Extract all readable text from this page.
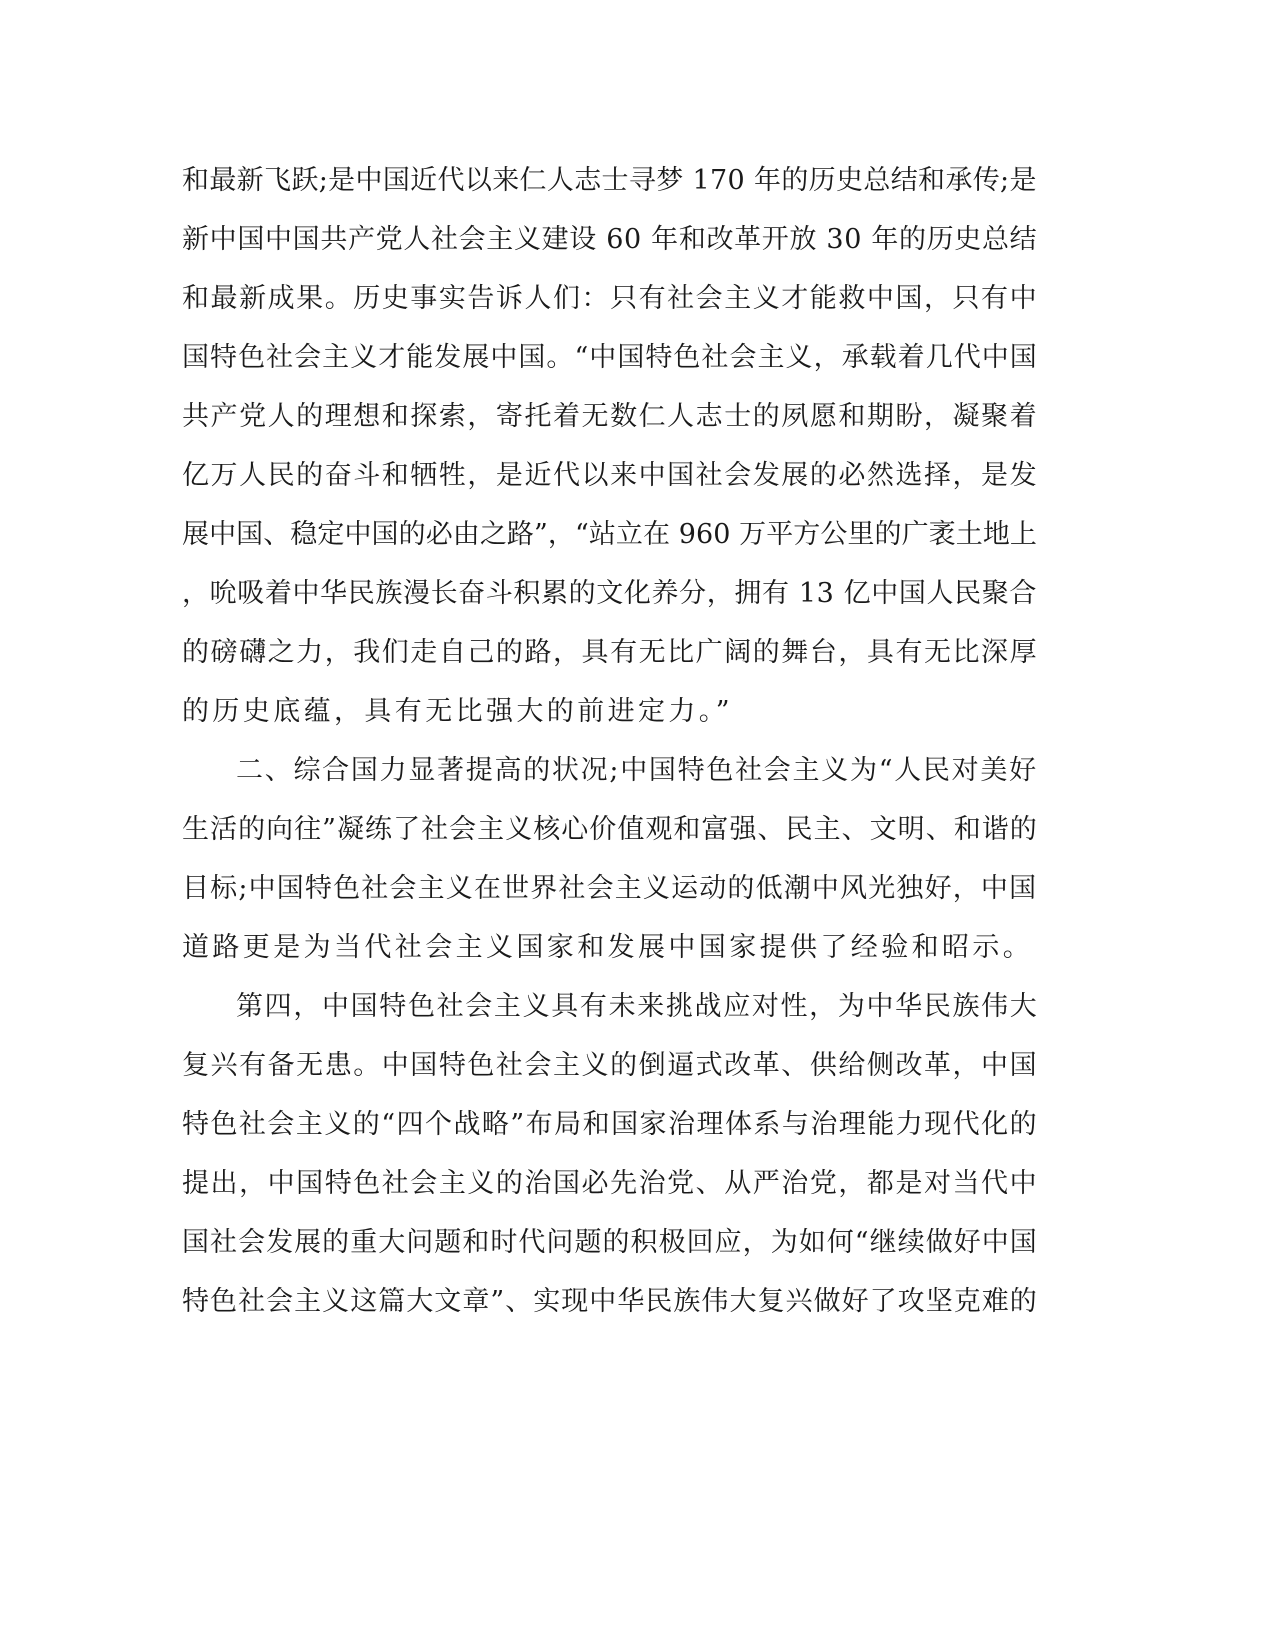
和最新飞跃;是中国近代以来仁人志士寻梦 170 年的历史总结和承传;是
新中国中国共产党人社会主义建设 60 年和改革开放 30 年的历史总结
和最新成果。历史事实告诉人们：只有社会主义才能救中国，只有中
国特色社会主义才能发展中国。“中国特色社会主义，承载着几代中国
共产党人的理想和探索，寄托着无数仁人志士的夙愿和期盼，凝聚着
亿万人民的奋斗和牺牲，是近代以来中国社会发展的必然选择，是发
展中国、稳定中国的必由之路”，“站立在 960 万平方公里的广袤土地上
，吮吸着中华民族漫长奋斗积累的文化养分，拥有 13 亿中国人民聚合
的磅礴之力，我们走自己的路，具有无比广阔的舞台，具有无比深厚
的历史底蕴，具有无比强大的前进定力。”
二、综合国力显著提高的状况;中国特色社会主义为“人民对美好
生活的向往”凝练了社会主义核心价值观和富强、民主、文明、和谐的
目标;中国特色社会主义在世界社会主义运动的低潮中风光独好，中国
道路更是为当代社会主义国家和发展中国家提供了经验和昭示。
第四，中国特色社会主义具有未来挑战应对性，为中华民族伟大
复兴有备无患。中国特色社会主义的倒逼式改革、供给侧改革，中国
特色社会主义的“四个战略”布局和国家治理体系与治理能力现代化的
提出，中国特色社会主义的治国必先治党、从严治党，都是对当代中
国社会发展的重大问题和时代问题的积极回应，为如何“继续做好中国
特色社会主义这篇大文章”、实现中华民族伟大复兴做好了攻坚克难的
